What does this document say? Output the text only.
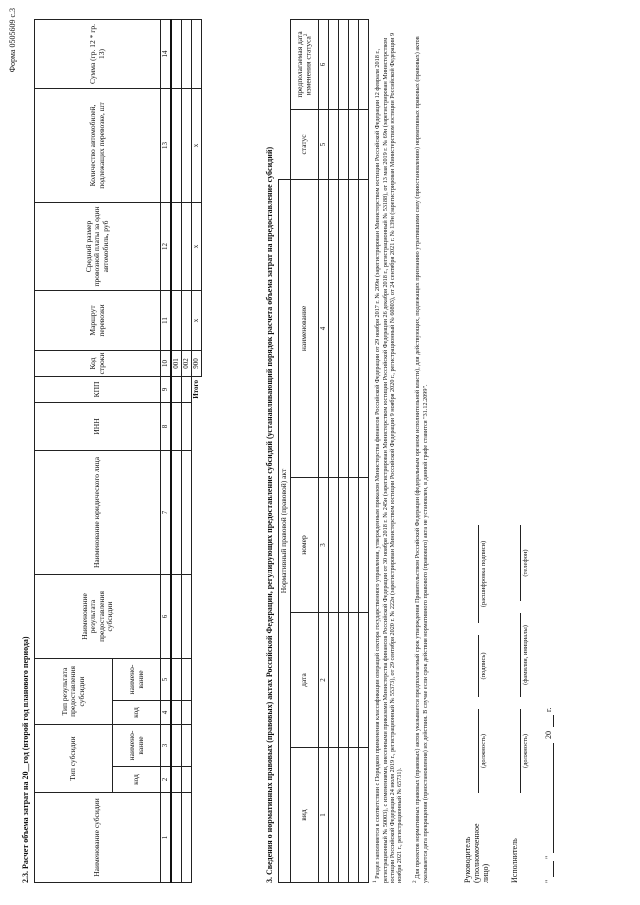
Форма 0505609 с.3
2.3. Расчет объема затрат на 20__год (второй год планового периода)	Наименование субсидии	Тип субсидии		Тип результата предоставления субсидии		Наименование результата предоставления субсидии	Наименование юридического лица	ИНН	КПП	Код строки	Маршрут перевозки	Средний размер провозной платы за один автомобиль, руб	Количество автомобилей, подлежащих перевозке, шт	Сумма (гр. 12 * гр. 13)
	код	наимено-вание	код	наимено-вание									
1	2	3	4	5	6	7	8	9	10	11	12	13	14
									001				
									002				
Итого									900	х	х	х	
3. Сведения о нормативных правовых (правовых) актах Российской Федерации, регулирующих предоставление субсидий (устанавливающий порядок расчета объема затрат на предоставление субсидий) Нормативный правовой (правовой) акт					
вид	дата	номер	наименование	статус	предполагаемая дата изменения статуса$^2$
1	2	3	4	5	6

$^1$ Раздел заполняется в соответствии с Порядком применения классификации операций сектора государственного управления, утвержденным приказом Министерства финансов Российской Федерации от 29 ноября 2017 г. № 209н (зарегистрирован Министерством юстиции Российской Федерации 12 февраля 2018 г., регистрационный № 50003), с изменениями, внесенными приказами Министерства финансов Российской Федерации от 30 ноября 2018 г. № 245н (зарегистрирован Министерством юстиции Российской Федерации 26 декабря 2018 г., регистрационный № 53188), от 13 мая 2019 г. № 69н (зарегистрирован Министерством юстиции Российской Федерации 24 июля 2019 г., регистрационный № 55373), от 29 сентября 2020 г. № 222н (зарегистрирован Министерством юстиции Российской Федерации 9 ноября 2020 г., регистрационный № 60803), от 24 сентября 2021 г. № 139н (зарегистрирован Министерством юстиции Российской Федерации 9 ноября 2021 г., регистрационный № 65731). $^2$ Для проектов нормативных правовых (правовых) актов указывается предполагаемый срок утверждения Правительством Российской Федерации (федеральным органом исполнительной власти), для действующих, подлежащих признанию утратившими силу (приостановлению) нормативных правовых (правовых) актов указывается дата прекращения (приостановления) их действия. В случае если срок действия нормативного правового (правового) акта не установлен, в данной графе ставится "31.12.2099".	Руководитель (уполномоченное лицо)
(должность)
(подпись)
(расшифровка подписи)
Исполнитель
(должность)
(фамилия, инициалы)
(телефон)
"
"
20
г.
